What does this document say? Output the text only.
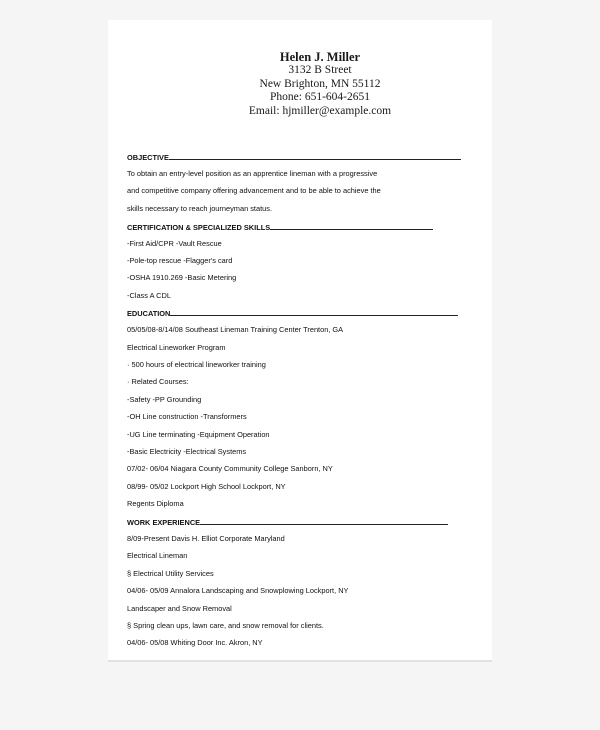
Helen J. Miller
3132 B Street
New Brighton, MN 55112
Phone: 651-604-2651
Email: hjmiller@example.com
OBJECTIVE
To obtain an entry-level position as an apprentice lineman with a progressive
and competitive company offering advancement and to be able to achieve the
skills necessary to reach journeyman status.
CERTIFICATION & SPECIALIZED SKILLS
-First Aid/CPR -Vault Rescue
-Pole-top rescue -Flagger's card
-OSHA 1910.269 -Basic Metering
-Class A CDL
EDUCATION
05/05/08-8/14/08 Southeast Lineman Training Center Trenton, GA
Electrical Lineworker Program
· 500 hours of electrical lineworker training
· Related Courses:
-Safety -PP Grounding
-OH Line construction -Transformers
-UG Line terminating -Equipment Operation
-Basic Electricity -Electrical Systems
07/02- 06/04 Niagara County Community College Sanborn, NY
08/99- 05/02 Lockport High School Lockport, NY
Regents Diploma
WORK EXPERIENCE
8/09-Present Davis H. Elliot Corporate Maryland
Electrical Lineman
§ Electrical Utility Services
04/06- 05/09 Annalora Landscaping and Snowplowing Lockport, NY
Landscaper and Snow Removal
§ Spring clean ups, lawn care, and snow removal for clients.
04/06- 05/08 Whiting Door Inc. Akron, NY
